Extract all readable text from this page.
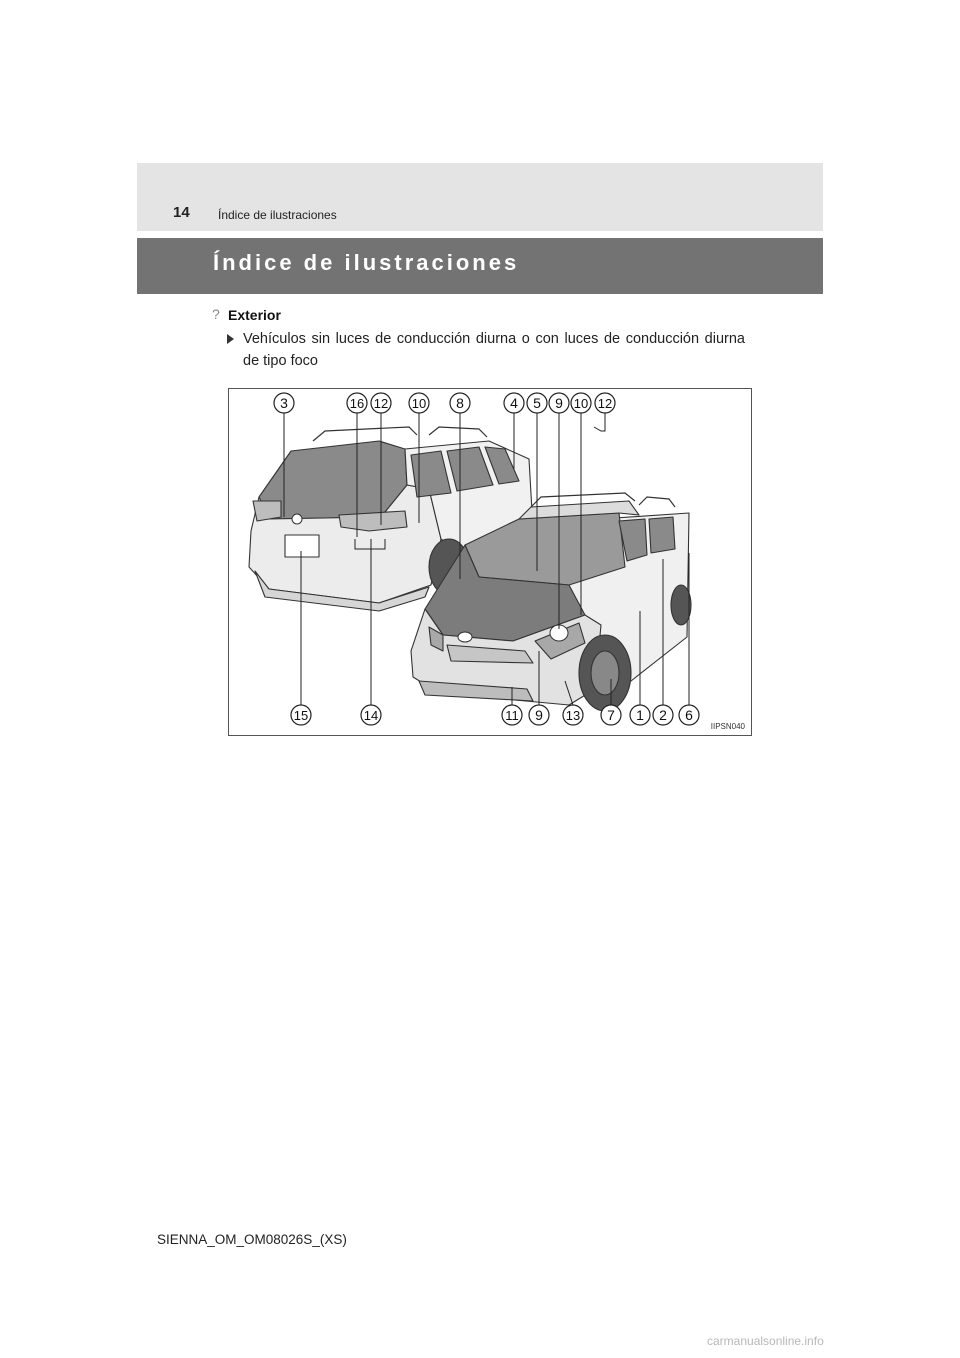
14 Índice de ilustraciones
Índice de ilustraciones
? Exterior
Vehículos sin luces de conducción diurna o con luces de conducción diurna de tipo foco
3	16 12 10 8	4 5 9 10 12
15	14	11 9 13 7 1 2 6
IIPSN040
SIENNA_OM_OM08026S_(XS)
carmanualsonline.info
